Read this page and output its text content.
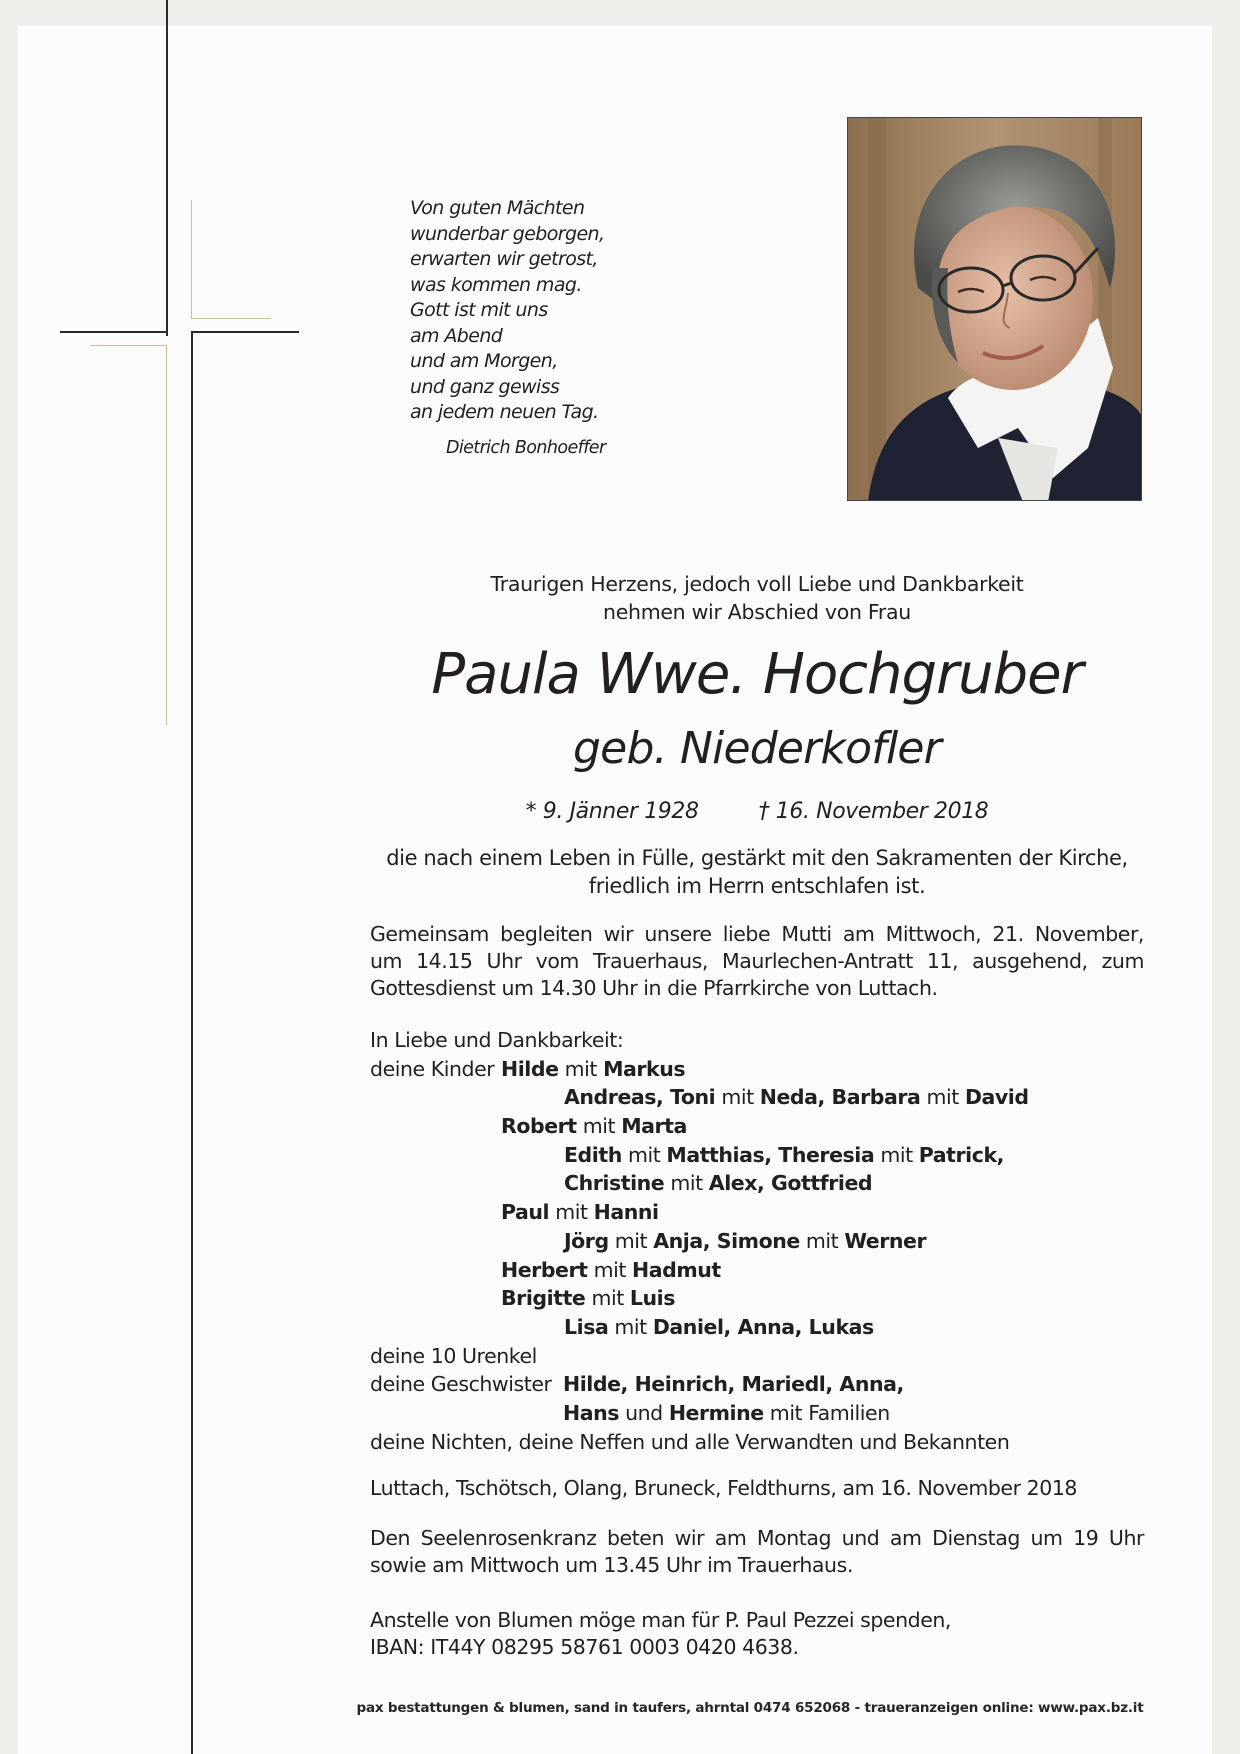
Von guten Mächten
wunderbar geborgen,
erwarten wir getrost,
was kommen mag.
Gott ist mit uns
am Abend
und am Morgen,
und ganz gewiss
an jedem neuen Tag.
Dietrich Bonhoeffer
Traurigen Herzens, jedoch voll Liebe und Dankbarkeit
nehmen wir Abschied von Frau
Paula Wwe. Hochgruber
geb. Niederkofler
* 9. Jänner 1928	† 16. November 2018
die nach einem Leben in Fülle, gestärkt mit den Sakramenten der Kirche,
friedlich im Herrn entschlafen ist.
Gemeinsam begleiten wir unsere liebe Mutti am Mittwoch, 21. November,
um 14.15 Uhr vom Trauerhaus, Maurlechen-Antratt 11, ausgehend, zum
Gottesdienst um 14.30 Uhr in die Pfarrkirche von Luttach.
In Liebe und Dankbarkeit:
deine Kinder Hilde mit Markus
Andreas, Toni mit Neda, Barbara mit David
Robert mit Marta
Edith mit Matthias, Theresia mit Patrick,
Christine mit Alex, Gottfried
Paul mit Hanni
Jörg mit Anja, Simone mit Werner
Herbert mit Hadmut
Brigitte mit Luis
Lisa mit Daniel, Anna, Lukas
deine 10 Urenkel
deine Geschwister Hilde, Heinrich, Mariedl, Anna,
Hans und Hermine mit Familien
deine Nichten, deine Neffen und alle Verwandten und Bekannten
Luttach, Tschötsch, Olang, Bruneck, Feldthurns, am 16. November 2018
Den Seelenrosenkranz beten wir am Montag und am Dienstag um 19 Uhr
sowie am Mittwoch um 13.45 Uhr im Trauerhaus.
Anstelle von Blumen möge man für P. Paul Pezzei spenden,
IBAN: IT44Y 08295 58761 0003 0420 4638.
pax bestattungen & blumen, sand in taufers, ahrntal 0474 652068 - traueranzeigen online: www.pax.bz.it
